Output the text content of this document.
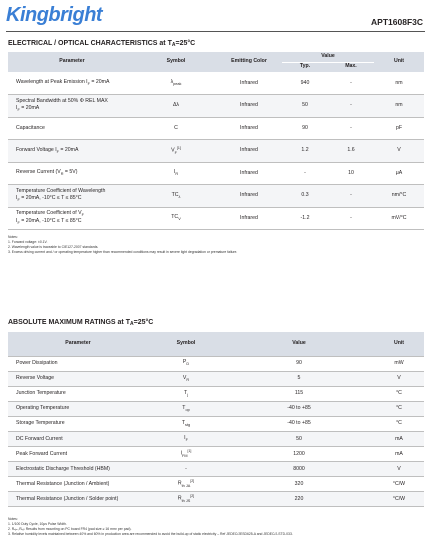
Kingbright	APT1608F3C
ELECTRICAL / OPTICAL CHARACTERISTICS at $T_A=25^\circ C$
Parameter	Symbol	Emitting Color	Value		Unit
			Typ.	Max.	

Wavelength at Peak Emission $I_F = 20mA$	$\lambda_{peak}$	Infrared	940	-	nm

Spectral Bandwidth at 50% Φ REL MAX
$I_F = 20mA$	Δλ	Infrared	50	-	nm

Capacitance	C	Infrared	90	-	pF

Forward Voltage $I_F = 20mA$	$V_F[1]$	Infrared	1.2	1.6	V

Reverse Current $(V_R = 5V)$	$I_R$	Infrared	-	10	μA

Temperature Coefficient of Wavelength
$I_F = 20mA$, -10°C ≤ T ≤ 85°C	$TC_\lambda$	Infrared	0.3	-	nm/°C

Temperature Coefficient of $V_F$
$I_F = 20mA$, -10°C ≤ T ≤ 85°C	$TC_V$	Infrared	-1.2	-	mV/°C
Notes:
1. Forward voltage: ±0.1V.
2. Wavelength value is traceable to CIE127-2007 standards.
3. Excess driving current and / or operating temperature higher than recommended conditions may result in severe light degradation or premature failure.
ABSOLUTE MAXIMUM RATINGS at $T_A=25^\circ C$
Parameter	Symbol	Value	Unit
Power Dissipation	$P_D$	90	mW
Reverse Voltage	$V_R$	5	V
Junction Temperature	$T_j$	115	°C
Operating Temperature	$T_{op}$	-40 to +85	°C
Storage Temperature	$T_{stg}$	-40 to +85	°C
DC Forward Current	$I_F$	50	mA
Peak Forward Current	$I_{FM}[1]$	1200	mA
Electrostatic Discharge Threshold (HBM)	-	8000	V
Thermal Resistance (Junction / Ambient)	$R_{th JA}[2]$	320	°C/W
Thermal Resistance (Junction / Solder point)	$R_{th JS}[2]$	220	°C/W
Notes:
1. 1/100 Duty Cycle, 10μs Pulse Width.
2. Rₑⱼₐ ,Rₑⱼₛ Results from mounting on PC board FR4 (pad size ≥ 16 mm² per pad).
3. Relative humidity levels maintained between 40% and 60% in production area are recommended to avoid the build-up of static electricity – Ref JEDEC/JESD625-A and JEDEC/J-STD-033.
